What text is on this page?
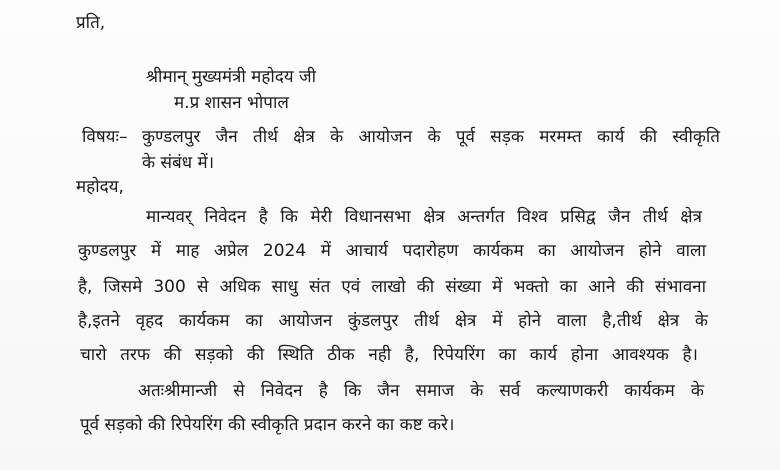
प्रति,
श्रीमान् मुख्यमंत्री महोदय जी
म.प्र शासन भोपाल
विषयः– कुण्डलपुर जैन तीर्थ क्षेत्र के आयोजन के पूर्व सड़क मरमम्त कार्य की स्वीकृति
के संबंध में।
महोदय,
मान्यवर् निवेदन है कि मेरी विधानसभा क्षेत्र अन्तर्गत विश्व प्रसिद्व जैन तीर्थ क्षेत्र
कुण्डलपुर में माह अप्रेल 2024 में आचार्य पदारोहण कार्यकम का आयोजन होने वाला
है, जिसमे 300 से अधिक साधु संत एवं लाखो की संख्या में भक्तो का आने की संभावना
है,इतने वृहद कार्यकम का आयोजन कुंडलपुर तीर्थ क्षेत्र में होने वाला है,तीर्थ क्षेत्र के
चारो तरफ की सड़को की स्थिति ठीक नही है, रिपेयरिंग का कार्य होना आवश्यक है।
अतःश्रीमान्जी से निवेदन है कि जैन समाज के सर्व कल्याणकरी कार्यकम के
पूर्व सड़को की रिपेयरिंग की स्वीकृति प्रदान करने का कष्ट करे।
